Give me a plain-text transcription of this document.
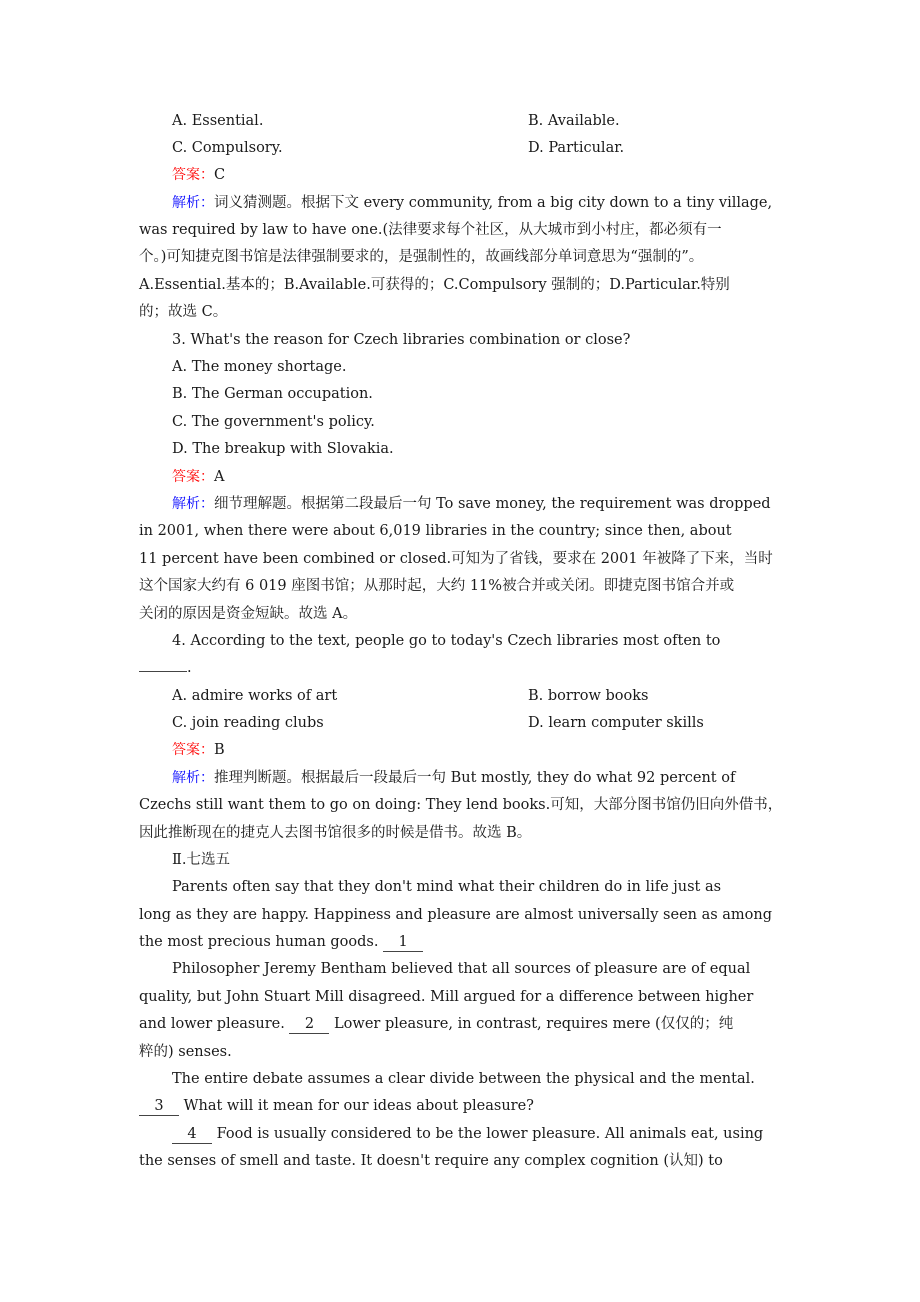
A. Essential.	B. Available.
C. Compulsory.	D. Particular.
答案：C
解析：词义猜测题。根据下文 every community, from a big city down to a tiny village,
was required by law to have one.(法律要求每个社区，从大城市到小村庄，都必须有一
个。)可知捷克图书馆是法律强制要求的，是强制性的，故画线部分单词意思为“强制的”。
A.Essential.基本的；B.Available.可获得的；C.Compulsory 强制的；D.Particular.特别
的；故选 C。
3. What's the reason for Czech libraries combination or close?
A. The money shortage.
B. The German occupation.
C. The government's policy.
D. The breakup with Slovakia.
答案：A
解析：细节理解题。根据第二段最后一句 To save money, the requirement was dropped
in 2001, when there were about 6,019 libraries in the country; since then, about
11 percent have been combined or closed.可知为了省钱，要求在 2001 年被降了下来，当时
这个国家大约有 6 019 座图书馆；从那时起，大约 11%被合并或关闭。即捷克图书馆合并或
关闭的原因是资金短缺。故选 A。
4. According to the text, people go to today's Czech libraries most often to
.
A. admire works of art	B. borrow books
C. join reading clubs	D. learn computer skills
答案：B
解析：推理判断题。根据最后一段最后一句 But mostly, they do what 92 percent of
Czechs still want them to go on doing: They lend books.可知，大部分图书馆仍旧向外借书，
因此推断现在的捷克人去图书馆很多的时候是借书。故选 B。
Ⅱ.七选五
Parents often say that they don't mind what their children do in life just as
long as they are happy. Happiness and pleasure are almost universally seen as among
the most precious human goods. 1
Philosopher Jeremy Bentham believed that all sources of pleasure are of equal
quality, but John Stuart Mill disagreed. Mill argued for a difference between higher
and lower pleasure. 2 Lower pleasure, in contrast, requires mere (仅仅的；纯
粹的) senses.
The entire debate assumes a clear divide between the physical and the mental.
3 What will it mean for our ideas about pleasure?
4 Food is usually considered to be the lower pleasure. All animals eat, using
the senses of smell and taste. It doesn't require any complex cognition (认知) to
